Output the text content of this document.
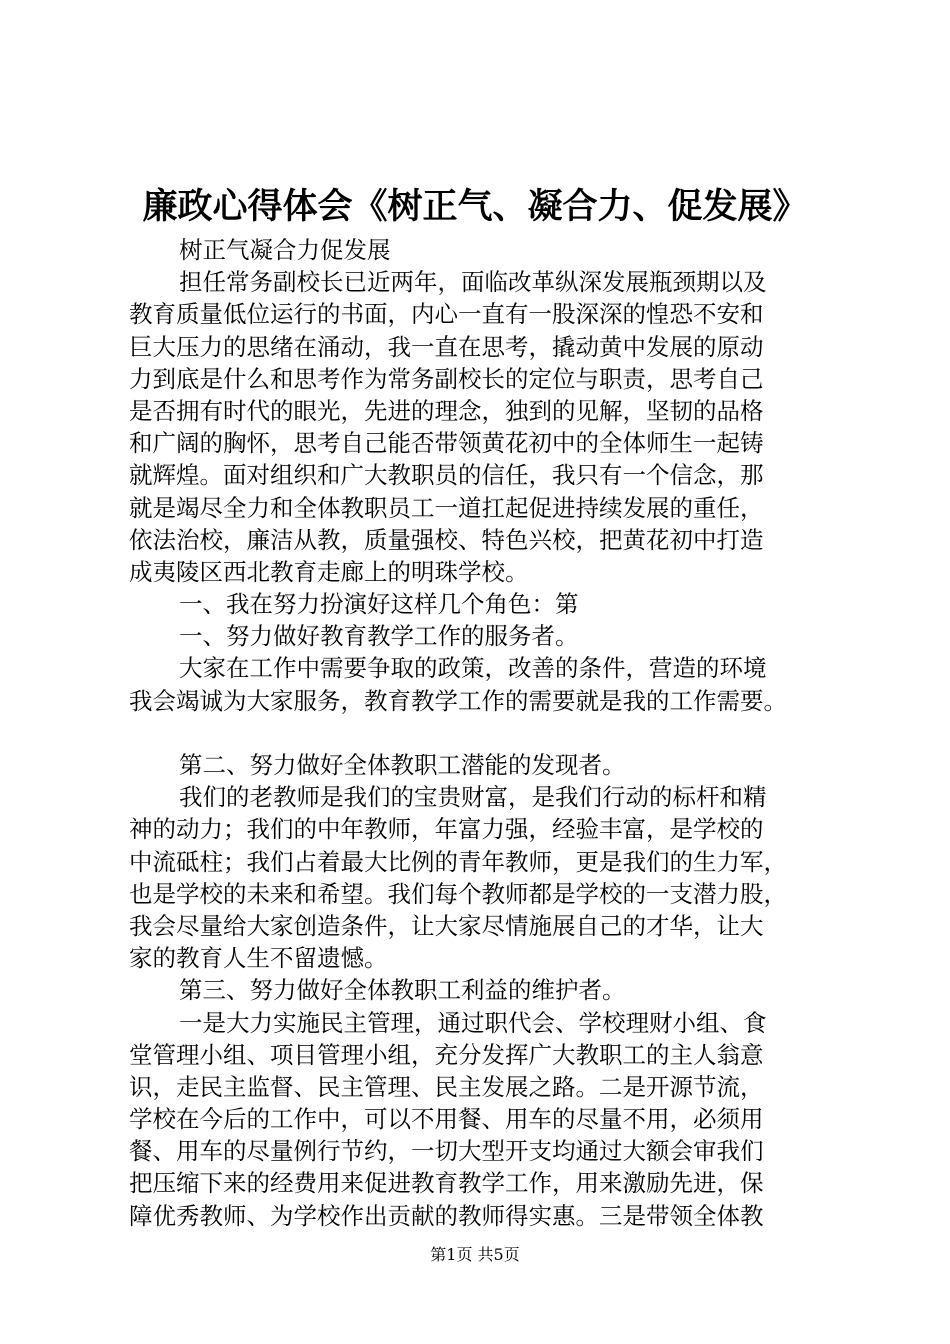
廉政心得体会《树正气、凝合力、促发展》
树正气凝合力促发展
担任常务副校长已近两年，面临改革纵深发展瓶颈期以及
教育质量低位运行的书面，内心一直有一股深深的惶恐不安和
巨大压力的思绪在涌动，我一直在思考，撬动黄中发展的原动
力到底是什么和思考作为常务副校长的定位与职责，思考自己
是否拥有时代的眼光，先进的理念，独到的见解，坚韧的品格
和广阔的胸怀，思考自己能否带领黄花初中的全体师生一起铸
就辉煌。面对组织和广大教职员的信任，我只有一个信念，那
就是竭尽全力和全体教职员工一道扛起促进持续发展的重任，
依法治校，廉洁从教，质量强校、特色兴校，把黄花初中打造
成夷陵区西北教育走廊上的明珠学校。
一、我在努力扮演好这样几个角色：第
一、努力做好教育教学工作的服务者。
大家在工作中需要争取的政策，改善的条件，营造的环境
我会竭诚为大家服务，教育教学工作的需要就是我的工作需要。
第二、努力做好全体教职工潜能的发现者。
我们的老教师是我们的宝贵财富，是我们行动的标杆和精
神的动力；我们的中年教师，年富力强，经验丰富，是学校的
中流砥柱；我们占着最大比例的青年教师，更是我们的生力军，
也是学校的未来和希望。我们每个教师都是学校的一支潜力股，
我会尽量给大家创造条件，让大家尽情施展自己的才华，让大
家的教育人生不留遗憾。
第三、努力做好全体教职工利益的维护者。
一是大力实施民主管理，通过职代会、学校理财小组、食
堂管理小组、项目管理小组，充分发挥广大教职工的主人翁意
识，走民主监督、民主管理、民主发展之路。二是开源节流，
学校在今后的工作中，可以不用餐、用车的尽量不用，必须用
餐、用车的尽量例行节约，一切大型开支均通过大额会审我们
把压缩下来的经费用来促进教育教学工作，用来激励先进，保
障优秀教师、为学校作出贡献的教师得实惠。三是带领全体教
第1页 共5页
